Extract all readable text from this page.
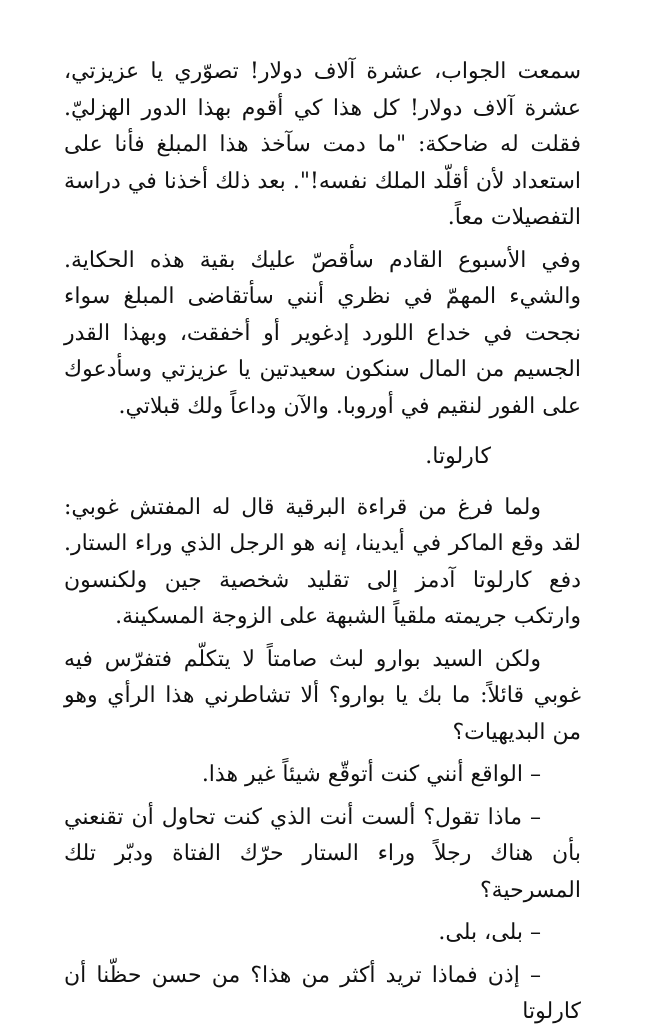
سمعت الجواب، عشرة آلاف دولار! تصوّري يا عزيزتي، عشرة آلاف دولار! كل هذا كي أقوم بهذا الدور الهزليّ. فقلت له ضاحكة: "ما دمت سآخذ هذا المبلغ فأنا على استعداد لأن أقلّد الملك نفسه!". بعد ذلك أخذنا في دراسة التفصيلات معاً.

وفي الأسبوع القادم سأقصّ عليك بقية هذه الحكاية. والشيء المهمّ في نظري أنني سأتقاضى المبلغ سواء نجحت في خداع اللورد إدغوير أو أخفقت، وبهذا القدر الجسيم من المال سنكون سعيدتين يا عزيزتي وسأدعوك على الفور لنقيم في أوروبا. والآن وداعاً ولك قبلاتي.

كارلوتا.

ولما فرغ من قراءة البرقية قال له المفتش غوبي: لقد وقع الماكر في أيدينا، إنه هو الرجل الذي وراء الستار. دفع كارلوتا آدمز إلى تقليد شخصية جين ولكنسون وارتكب جريمته ملقياً الشبهة على الزوجة المسكينة.

ولكن السيد بوارو لبث صامتاً لا يتكلّم فتفرّس فيه غوبي قائلاً: ما بك يا بوارو؟ ألا تشاطرني هذا الرأي وهو من البديهيات؟

– الواقع أنني كنت أتوقّع شيئاً غير هذا.

– ماذا تقول؟ ألست أنت الذي كنت تحاول أن تقنعني بأن هناك رجلاً وراء الستار حرّك الفتاة ودبّر تلك المسرحية؟

– بلى، بلى.

– إذن فماذا تريد أكثر من هذا؟ من حسن حظّنا أن كارلوتا
